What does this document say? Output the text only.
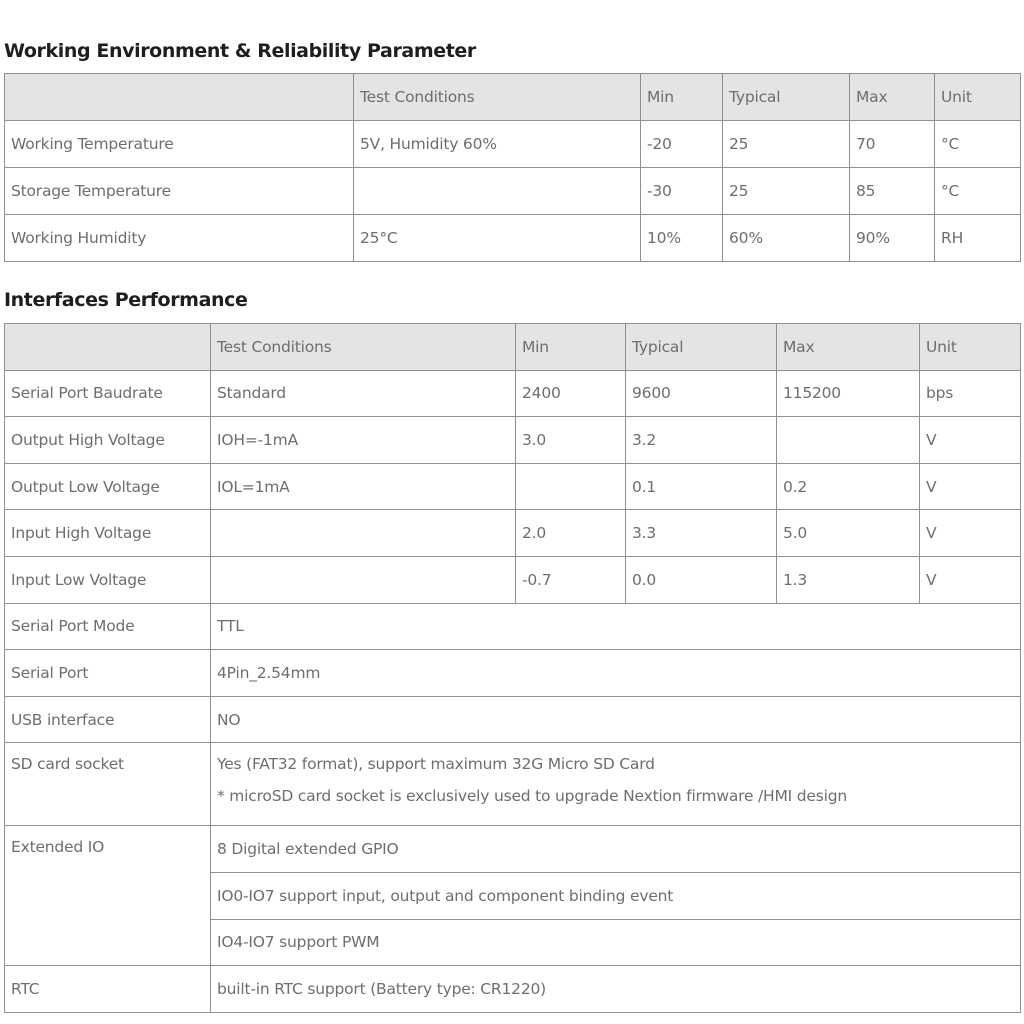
Working Environment & Reliability Parameter
	Test Conditions	Min	Typical	Max	Unit
Working Temperature	5V, Humidity 60%	-20	25	70	°C
Storage Temperature		-30	25	85	°C
Working Humidity	25°C	10%	60%	90%	RH
Interfaces Performance
	Test Conditions	Min	Typical	Max	Unit
Serial Port Baudrate	Standard	2400	9600	115200	bps
Output High Voltage	IOH=-1mA	3.0	3.2		V
Output Low Voltage	IOL=1mA		0.1	0.2	V
Input High Voltage		2.0	3.3	5.0	V
Input Low Voltage		-0.7	0.0	1.3	V
Serial Port Mode	TTL				
Serial Port	4Pin_2.54mm				
USB interface	NO				
SD card socket	Yes (FAT32 format), support maximum 32G Micro SD Card
* microSD card socket is exclusively used to upgrade Nextion firmware /HMI design				

Extended IO	8 Digital extended GPIO				
	IO0-IO7 support input, output and component binding event				
	IO4-IO7 support PWM				
RTC	built-in RTC support (Battery type: CR1220)				
